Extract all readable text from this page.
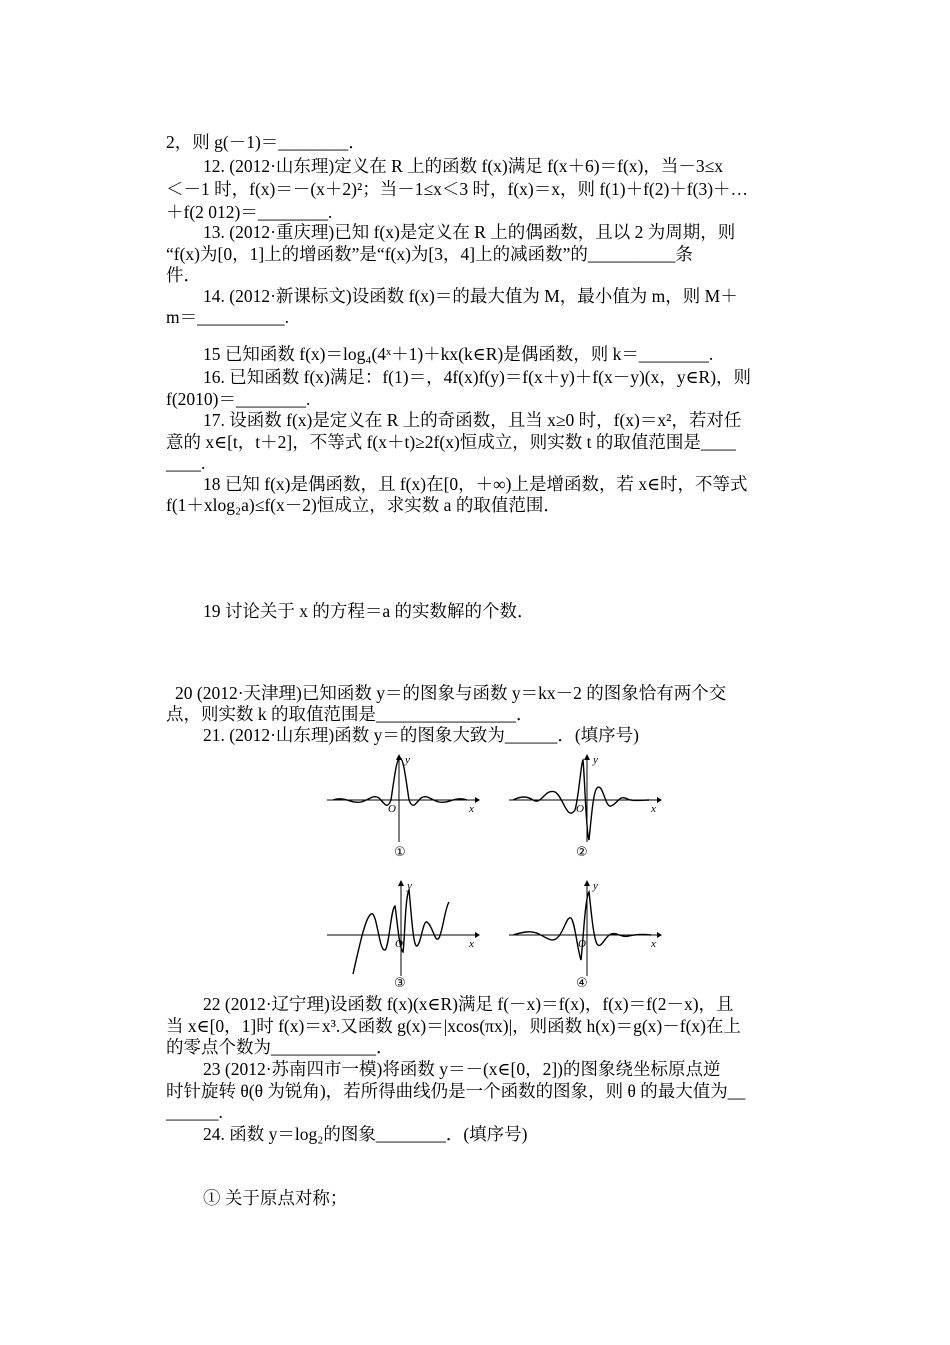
2，则 g(－1)＝________．
12. (2012·山东理)定义在 R 上的函数 f(x)满足 f(x＋6)＝f(x)，当－3≤x
＜－1 时，f(x)＝－(x＋2)²；当－1≤x＜3 时，f(x)＝x，则 f(1)＋f(2)＋f(3)＋…
＋f(2 012)＝________.
13. (2012·重庆理)已知 f(x)是定义在 R 上的偶函数，且以 2 为周期，则
“f(x)为[0，1]上的增函数”是“f(x)为[3，4]上的减函数”的__________条
件．
14. (2012·新课标文)设函数 f(x)＝的最大值为 M，最小值为 m，则 M＋
m＝__________.
15 已知函数 f(x)＝log₄(4ˣ＋1)＋kx(k∈R)是偶函数，则 k＝________.
16. 已知函数 f(x)满足：f(1)＝，4f(x)f(y)＝f(x＋y)＋f(x－y)(x，y∈R)，则
f(2010)＝________.
17. 设函数 f(x)是定义在 R 上的奇函数，且当 x≥0 时，f(x)＝x²，若对任
意的 x∈[t，t＋2]，不等式 f(x＋t)≥2f(x)恒成立，则实数 t 的取值范围是____
____.
18 已知 f(x)是偶函数，且 f(x)在[0，＋∞)上是增函数，若 x∈时，不等式
f(1＋xlog₂a)≤f(x－2)恒成立，求实数 a 的取值范围．
19 讨论关于 x 的方程＝a 的实数解的个数．
20 (2012·天津理)已知函数 y＝的图象与函数 y＝kx－2 的图象恰有两个交
点，则实数 k 的取值范围是________________．
21. (2012·山东理)函数 y＝的图象大致为______．(填序号)
y
x
O
①
y
x
O
②
y
x
O
③
y
x
O
④
22 (2012·辽宁理)设函数 f(x)(x∈R)满足 f(－x)＝f(x)，f(x)＝f(2－x)，且
当 x∈[0，1]时 f(x)＝x³.又函数 g(x)＝|xcos(πx)|，则函数 h(x)＝g(x)－f(x)在上
的零点个数为____________．
23 (2012·苏南四市一模)将函数 y＝－(x∈[0，2])的图象绕坐标原点逆
时针旋转 θ(θ 为锐角)，若所得曲线仍是一个函数的图象，则 θ 的最大值为__
______.
24. 函数 y＝log₂的图象________．(填序号)
① 关于原点对称；
